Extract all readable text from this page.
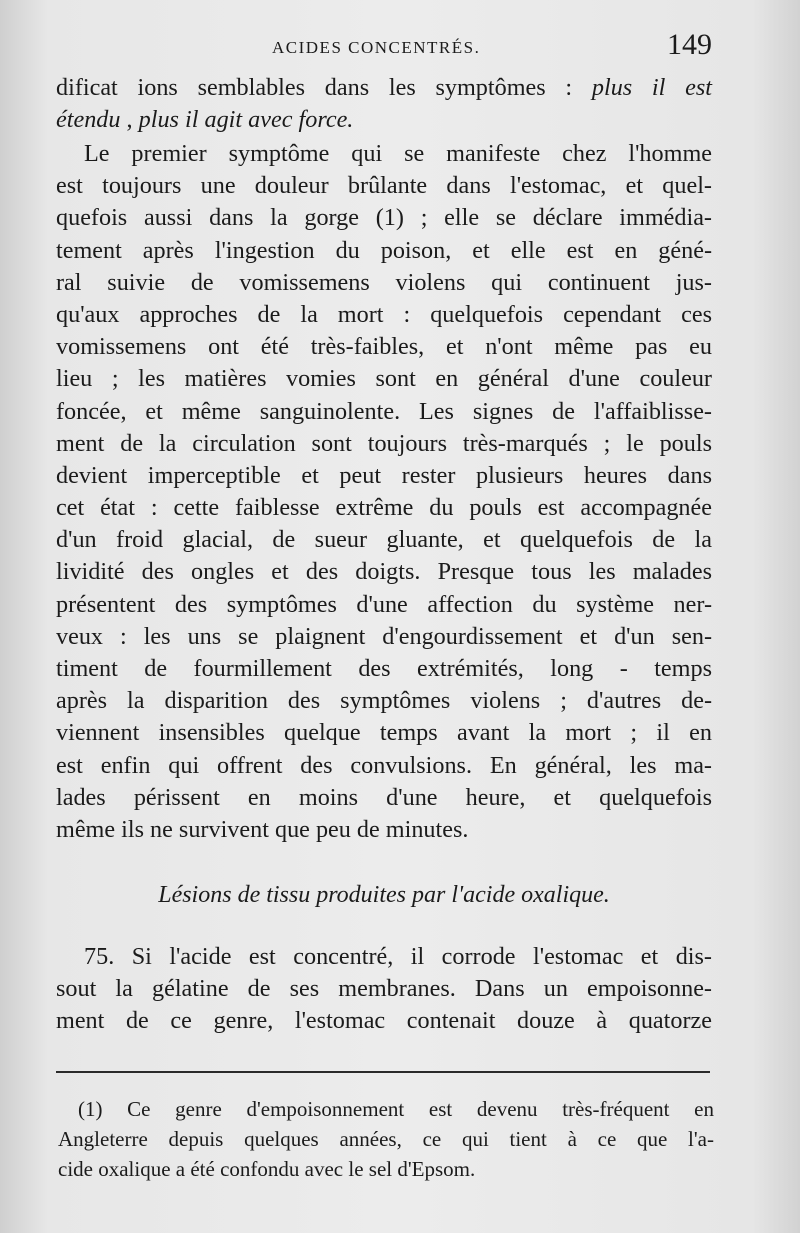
ACIDES CONCENTRÉS.	149
dificat ions semblables dans les symptômes : plus il est
étendu , plus il agit avec force.
Le premier symptôme qui se manifeste chez l'homme
est toujours une douleur brûlante dans l'estomac, et quel-
quefois aussi dans la gorge (1) ; elle se déclare immédia-
tement après l'ingestion du poison, et elle est en géné-
ral suivie de vomissemens violens qui continuent jus-
qu'aux approches de la mort : quelquefois cependant ces
vomissemens ont été très-faibles, et n'ont même pas eu
lieu ; les matières vomies sont en général d'une couleur
foncée, et même sanguinolente. Les signes de l'affaiblisse-
ment de la circulation sont toujours très-marqués ; le pouls
devient imperceptible et peut rester plusieurs heures dans
cet état : cette faiblesse extrême du pouls est accompagnée
d'un froid glacial, de sueur gluante, et quelquefois de la
lividité des ongles et des doigts. Presque tous les malades
présentent des symptômes d'une affection du système ner-
veux : les uns se plaignent d'engourdissement et d'un sen-
timent de fourmillement des extrémités, long - temps
après la disparition des symptômes violens ; d'autres de-
viennent insensibles quelque temps avant la mort ; il en
est enfin qui offrent des convulsions. En général, les ma-
lades périssent en moins d'une heure, et quelquefois
même ils ne survivent que peu de minutes.
Lésions de tissu produites par l'acide oxalique.
75. Si l'acide est concentré, il corrode l'estomac et dis-
sout la gélatine de ses membranes. Dans un empoisonne-
ment de ce genre, l'estomac contenait douze à quatorze
(1) Ce genre d'empoisonnement est devenu très-fréquent en
Angleterre depuis quelques années, ce qui tient à ce que l'a-
cide oxalique a été confondu avec le sel d'Epsom.
